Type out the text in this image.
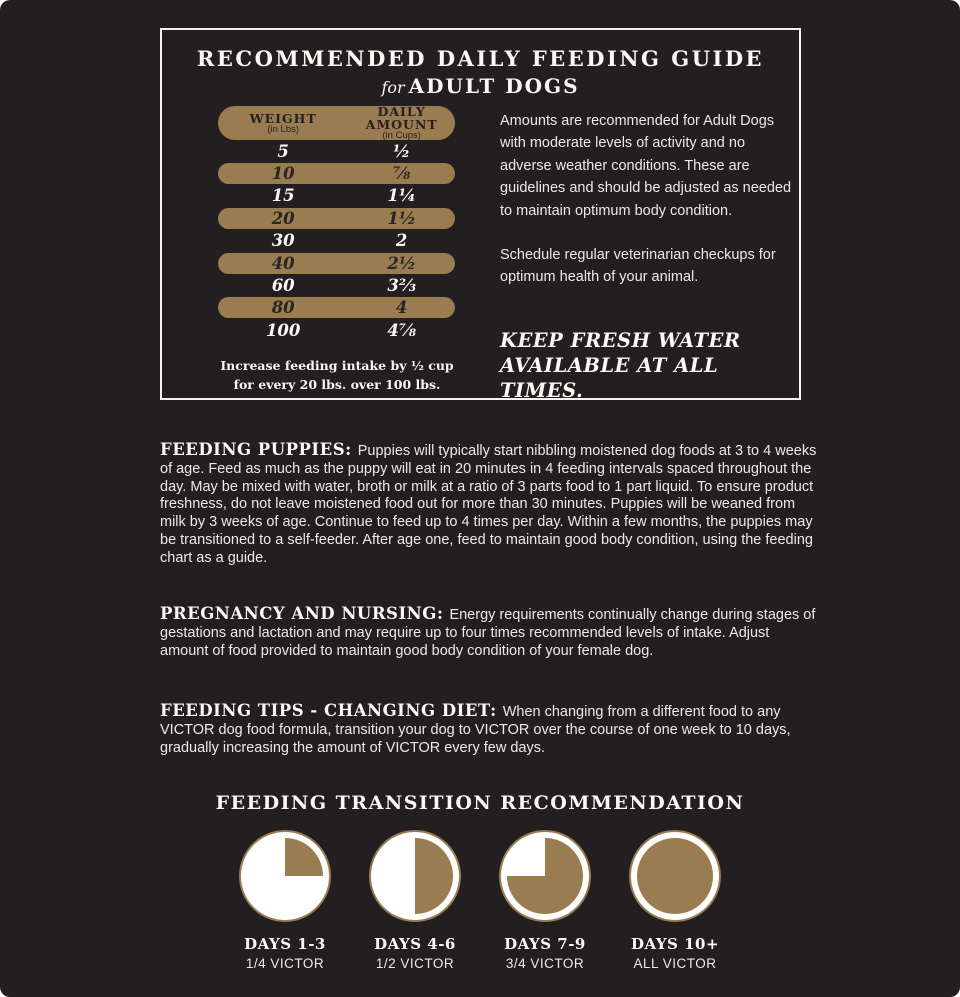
RECOMMENDED DAILY FEEDING GUIDE
for ADULT DOGS
WEIGHT
(in Lbs)
DAILY AMOUNT
(in Cups)
5	½
10	⅞
15	1¼
20	1½
30	2
40	2½
60	3⅔
80	4
100	4⅞
Increase feeding intake by ½ cup
for every 20 lbs. over 100 lbs.

Amounts are recommended for Adult Dogs with moderate levels of activity and no adverse weather conditions. These are guidelines and should be adjusted as needed to maintain optimum body condition.

Schedule regular veterinarian checkups for optimum health of your animal.

KEEP FRESH WATER
AVAILABLE AT ALL TIMES.

FEEDING PUPPIES: Puppies will typically start nibbling moistened dog foods at 3 to 4 weeks of age. Feed as much as the puppy will eat in 20 minutes in 4 feeding intervals spaced throughout the day. May be mixed with water, broth or milk at a ratio of 3 parts food to 1 part liquid. To ensure product freshness, do not leave moistened food out for more than 30 minutes. Puppies will be weaned from milk by 3 weeks of age. Continue to feed up to 4 times per day. Within a few months, the puppies may be transitioned to a self-feeder. After age one, feed to maintain good body condition, using the feeding chart as a guide.

PREGNANCY AND NURSING: Energy requirements continually change during stages of gestations and lactation and may require up to four times recommended levels of intake. Adjust amount of food provided to maintain good body condition of your female dog.

FEEDING TIPS - CHANGING DIET: When changing from a different food to any VICTOR dog food formula, transition your dog to VICTOR over the course of one week to 10 days, gradually increasing the amount of VICTOR every few days.

FEEDING TRANSITION RECOMMENDATION
DAYS 1-3
1/4 VICTOR
DAYS 4-6
1/2 VICTOR
DAYS 7-9
3/4 VICTOR
DAYS 10+
ALL VICTOR
